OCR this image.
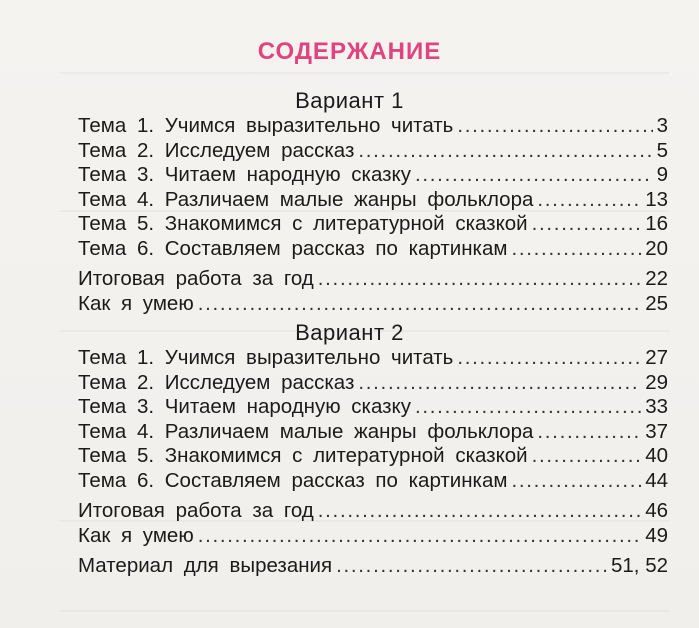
СОДЕРЖАНИЕ
Вариант 1
Тема 1. Учимся выразительно читать . . .	3
Тема 2. Исследуем рассказ . . .	5
Тема 3. Читаем народную сказку . . .	9
Тема 4. Различаем малые жанры фольклора . . .	13
Тема 5. Знакомимся с литературной сказкой . . .	16
Тема 6. Составляем рассказ по картинкам . . .	20
Итоговая работа за год . . .	22
Как я умею . . .	25
Вариант 2
Тема 1. Учимся выразительно читать . . .	27
Тема 2. Исследуем рассказ . . .	29
Тема 3. Читаем народную сказку . . .	33
Тема 4. Различаем малые жанры фольклора . . .	37
Тема 5. Знакомимся с литературной сказкой . . .	40
Тема 6. Составляем рассказ по картинкам . . .	44
Итоговая работа за год . . .	46
Как я умею . . .	49
Материал для вырезания . . .	51, 52
